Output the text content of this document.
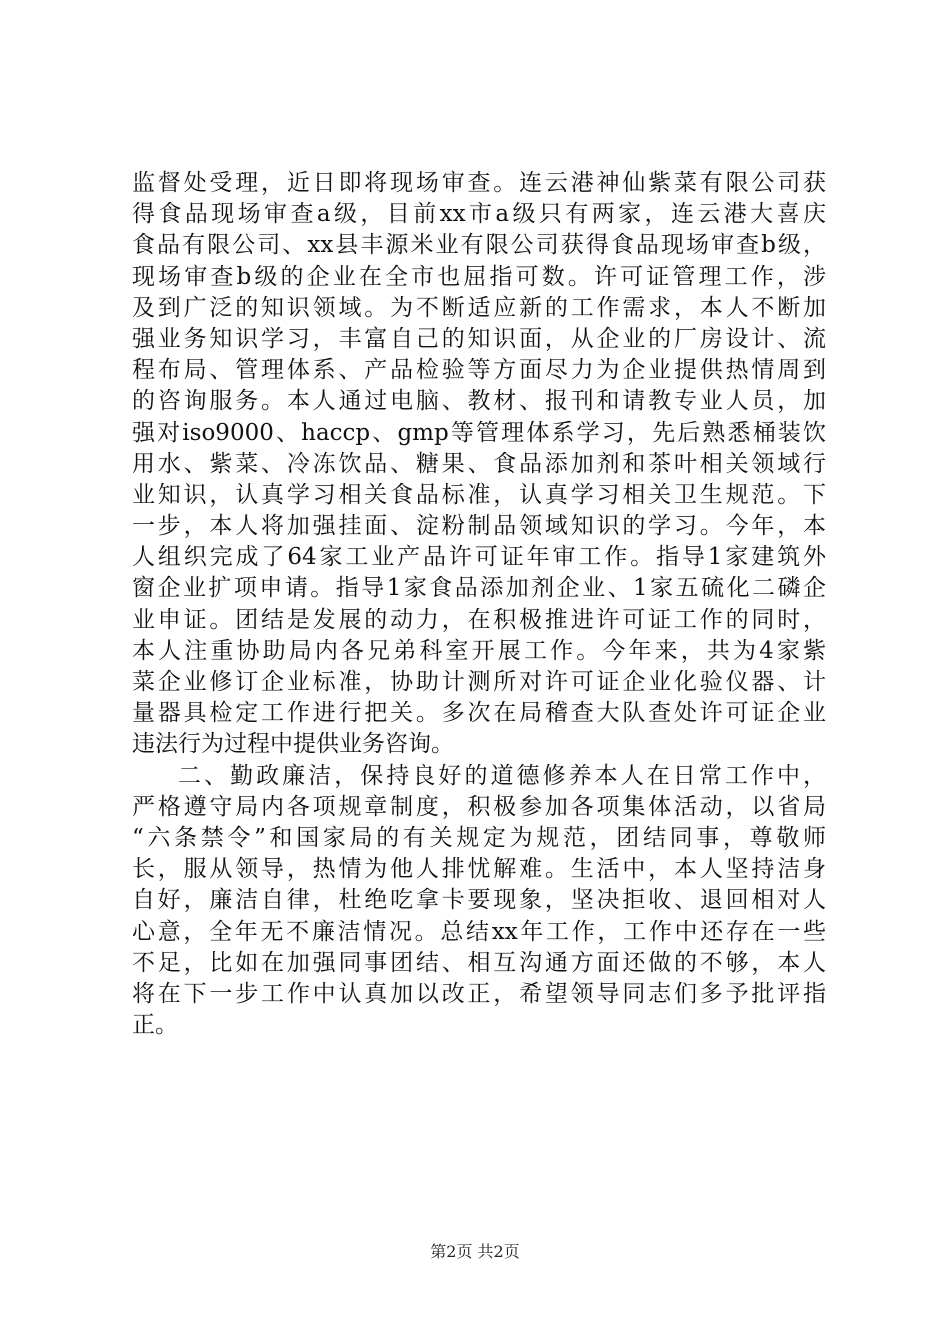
监督处受理，近日即将现场审查。连云港神仙紫菜有限公司获
得食品现场审查a级，目前xx市a级只有两家，连云港大喜庆
食品有限公司、xx县丰源米业有限公司获得食品现场审查b级，
现场审查b级的企业在全市也屈指可数。许可证管理工作，涉
及到广泛的知识领域。为不断适应新的工作需求，本人不断加
强业务知识学习，丰富自己的知识面，从企业的厂房设计、流
程布局、管理体系、产品检验等方面尽力为企业提供热情周到
的咨询服务。本人通过电脑、教材、报刊和请教专业人员，加
强对iso9000、haccp、gmp等管理体系学习，先后熟悉桶装饮
用水、紫菜、冷冻饮品、糖果、食品添加剂和茶叶相关领域行
业知识，认真学习相关食品标准，认真学习相关卫生规范。下
一步，本人将加强挂面、淀粉制品领域知识的学习。今年，本
人组织完成了64家工业产品许可证年审工作。指导1家建筑外
窗企业扩项申请。指导1家食品添加剂企业、1家五硫化二磷企
业申证。团结是发展的动力，在积极推进许可证工作的同时，
本人注重协助局内各兄弟科室开展工作。今年来，共为4家紫
菜企业修订企业标准，协助计测所对许可证企业化验仪器、计
量器具检定工作进行把关。多次在局稽查大队查处许可证企业
违法行为过程中提供业务咨询。
二、勤政廉洁，保持良好的道德修养本人在日常工作中，
严格遵守局内各项规章制度，积极参加各项集体活动，以省局
“六条禁令”和国家局的有关规定为规范，团结同事，尊敬师
长，服从领导，热情为他人排忧解难。生活中，本人坚持洁身
自好，廉洁自律，杜绝吃拿卡要现象，坚决拒收、退回相对人
心意，全年无不廉洁情况。总结xx年工作，工作中还存在一些
不足，比如在加强同事团结、相互沟通方面还做的不够，本人
将在下一步工作中认真加以改正，希望领导同志们多予批评指
正。
第2页 共2页
